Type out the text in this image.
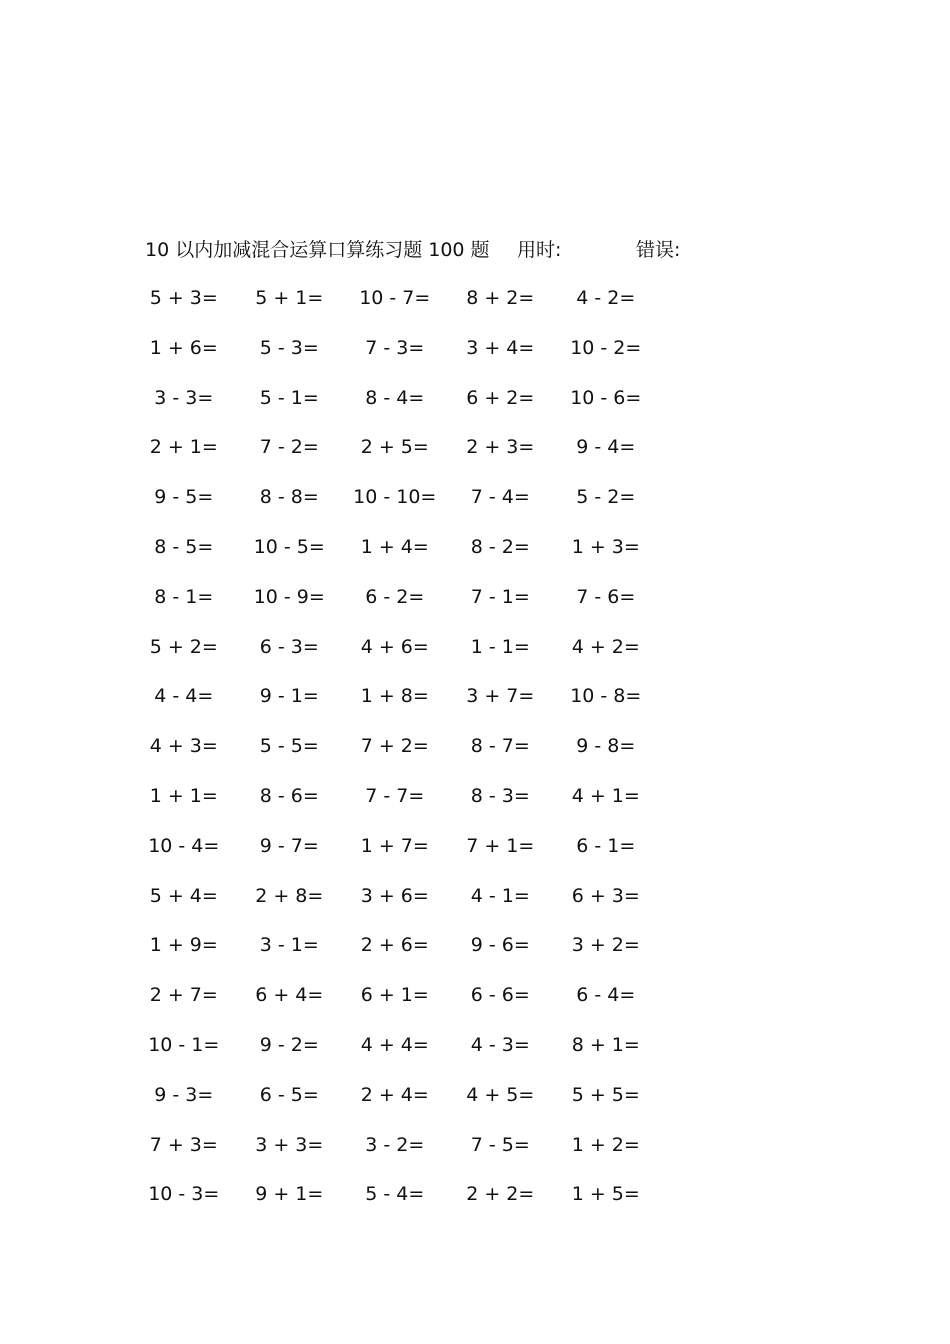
10 以内加减混合运算口算练习题 100 题 用时:	错误:
5 + 3=	5 + 1=	10 - 7=	8 + 2=	4 - 2=
1 + 6=	5 - 3=	7 - 3=	3 + 4=	10 - 2=
3 - 3=	5 - 1=	8 - 4=	6 + 2=	10 - 6=
2 + 1=	7 - 2=	2 + 5=	2 + 3=	9 - 4=
9 - 5=	8 - 8=	10 - 10=	7 - 4=	5 - 2=
8 - 5=	10 - 5=	1 + 4=	8 - 2=	1 + 3=
8 - 1=	10 - 9=	6 - 2=	7 - 1=	7 - 6=
5 + 2=	6 - 3=	4 + 6=	1 - 1=	4 + 2=
4 - 4=	9 - 1=	1 + 8=	3 + 7=	10 - 8=
4 + 3=	5 - 5=	7 + 2=	8 - 7=	9 - 8=
1 + 1=	8 - 6=	7 - 7=	8 - 3=	4 + 1=
10 - 4=	9 - 7=	1 + 7=	7 + 1=	6 - 1=
5 + 4=	2 + 8=	3 + 6=	4 - 1=	6 + 3=
1 + 9=	3 - 1=	2 + 6=	9 - 6=	3 + 2=
2 + 7=	6 + 4=	6 + 1=	6 - 6=	6 - 4=
10 - 1=	9 - 2=	4 + 4=	4 - 3=	8 + 1=
9 - 3=	6 - 5=	2 + 4=	4 + 5=	5 + 5=
7 + 3=	3 + 3=	3 - 2=	7 - 5=	1 + 2=
10 - 3=	9 + 1=	5 - 4=	2 + 2=	1 + 5=
